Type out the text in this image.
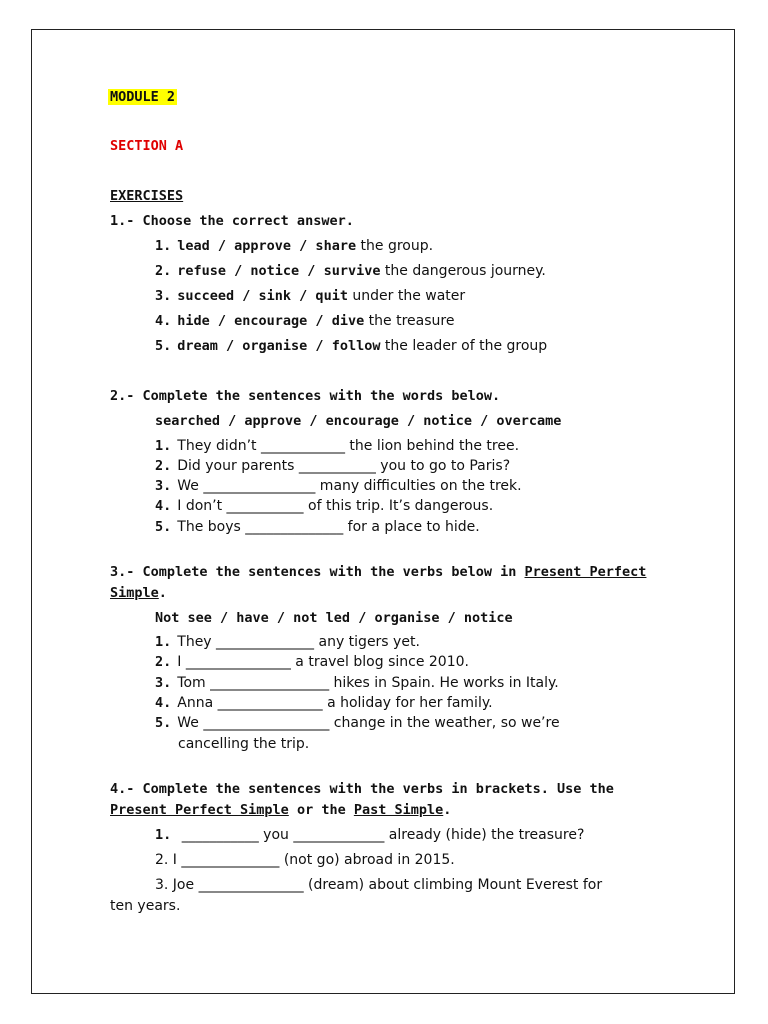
MODULE 2
SECTION A
EXERCISES
1.- Choose the correct answer.
1. lead / approve / share the group.
2. refuse / notice / survive the dangerous journey.
3. succeed / sink / quit under the water
4. hide / encourage / dive the treasure
5. dream / organise / follow the leader of the group
2.- Complete the sentences with the words below.
searched / approve / encourage / notice / overcame
1. They didn’t ____________ the lion behind the tree.
2. Did your parents ___________ you to go to Paris?
3. We ________________ many difficulties on the trek.
4. I don’t ___________ of this trip. It’s dangerous.
5. The boys ______________ for a place to hide.
3.- Complete the sentences with the verbs below in Present Perfect
Simple.
Not see / have / not led / organise / notice
1. They ______________ any tigers yet.
2. I _______________ a travel blog since 2010.
3. Tom _________________ hikes in Spain. He works in Italy.
4. Anna _______________ a holiday for her family.
5. We __________________ change in the weather, so we’re
cancelling the trip.
4.- Complete the sentences with the verbs in brackets. Use the
Present Perfect Simple or the Past Simple.
1. ___________ you _____________ already (hide) the treasure?
2. I ______________ (not go) abroad in 2015.
3. Joe _______________ (dream) about climbing Mount Everest for
ten years.
